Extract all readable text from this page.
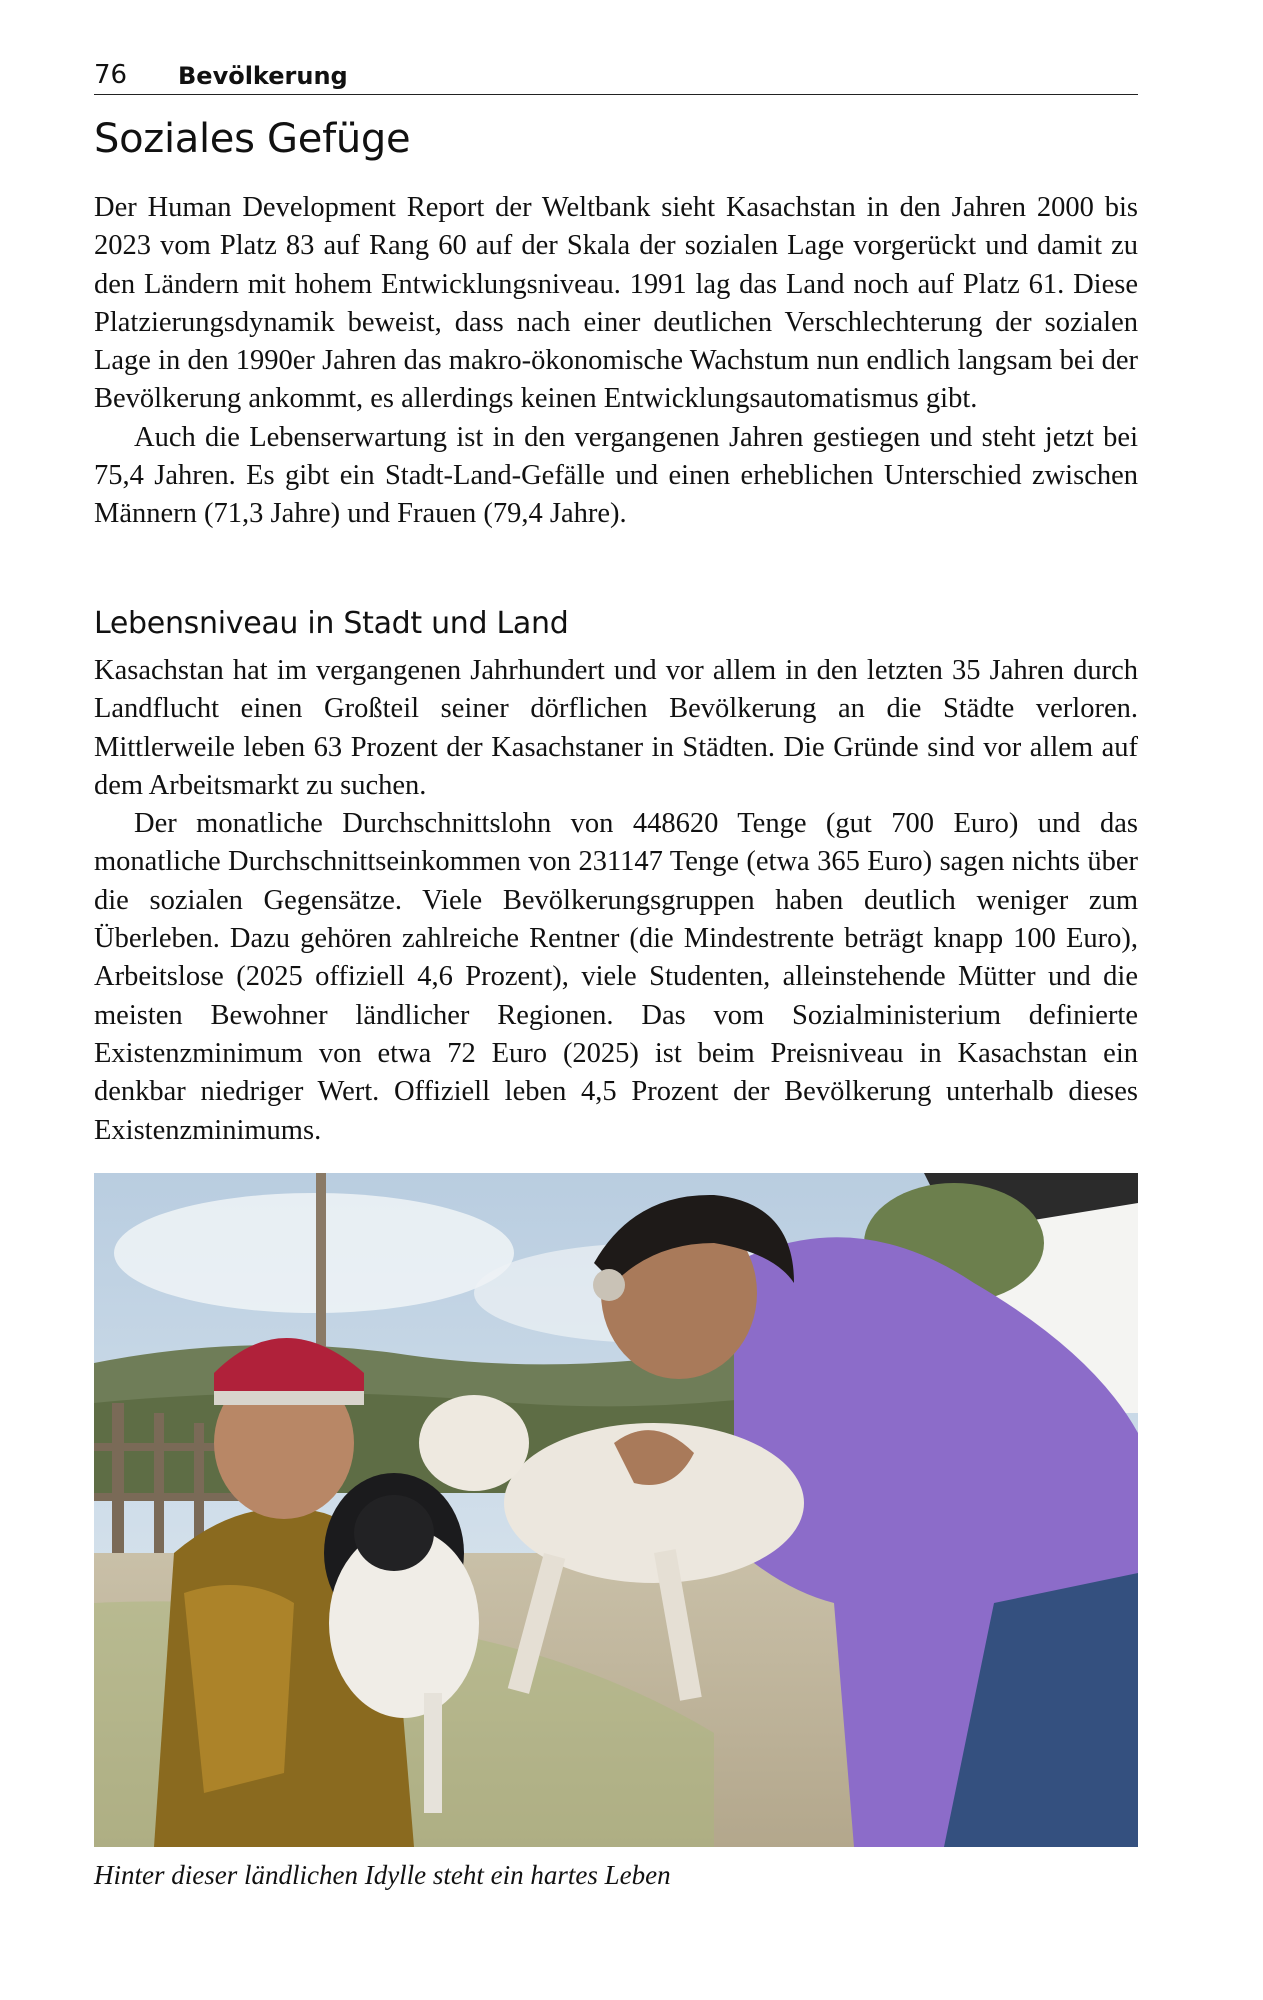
76 Bevölkerung
Soziales Gefüge

Der Human Development Report der Weltbank sieht Kasachstan in den Jahren 2000 bis 2023 vom Platz 83 auf Rang 60 auf der Skala der sozialen Lage vorgerückt und damit zu den Ländern mit hohem Entwicklungsniveau. 1991 lag das Land noch auf Platz 61. Diese Platzierungsdynamik beweist, dass nach einer deutlichen Verschlechterung der sozialen Lage in den 1990er Jahren das makro-ökonomische Wachstum nun endlich langsam bei der Bevölkerung ankommt, es allerdings keinen Entwicklungsautomatismus gibt.

Auch die Lebenserwartung ist in den vergangenen Jahren gestiegen und steht jetzt bei 75,4 Jahren. Es gibt ein Stadt-Land-Gefälle und einen erheblichen Unterschied zwischen Männern (71,3 Jahre) und Frauen (79,4 Jahre).

Lebensniveau in Stadt und Land

Kasachstan hat im vergangenen Jahrhundert und vor allem in den letzten 35 Jahren durch Landflucht einen Großteil seiner dörflichen Bevölkerung an die Städte verloren. Mittlerweile leben 63 Prozent der Kasachstaner in Städten. Die Gründe sind vor allem auf dem Arbeitsmarkt zu suchen.

Der monatliche Durchschnittslohn von 448620 Tenge (gut 700 Euro) und das monatliche Durchschnittseinkommen von 231147 Tenge (etwa 365 Euro) sagen nichts über die sozialen Gegensätze. Viele Bevölkerungsgruppen haben deutlich weniger zum Überleben. Dazu gehören zahlreiche Rentner (die Mindestrente beträgt knapp 100 Euro), Arbeitslose (2025 offiziell 4,6 Prozent), viele Studenten, alleinstehende Mütter und die meisten Bewohner ländlicher Regionen. Das vom Sozialministerium definierte Existenzminimum von etwa 72 Euro (2025) ist beim Preisniveau in Kasachstan ein denkbar niedriger Wert. Offiziell leben 4,5 Prozent der Bevölkerung unterhalb dieses Existenzminimums.

Hinter dieser ländlichen Idylle steht ein hartes Leben
